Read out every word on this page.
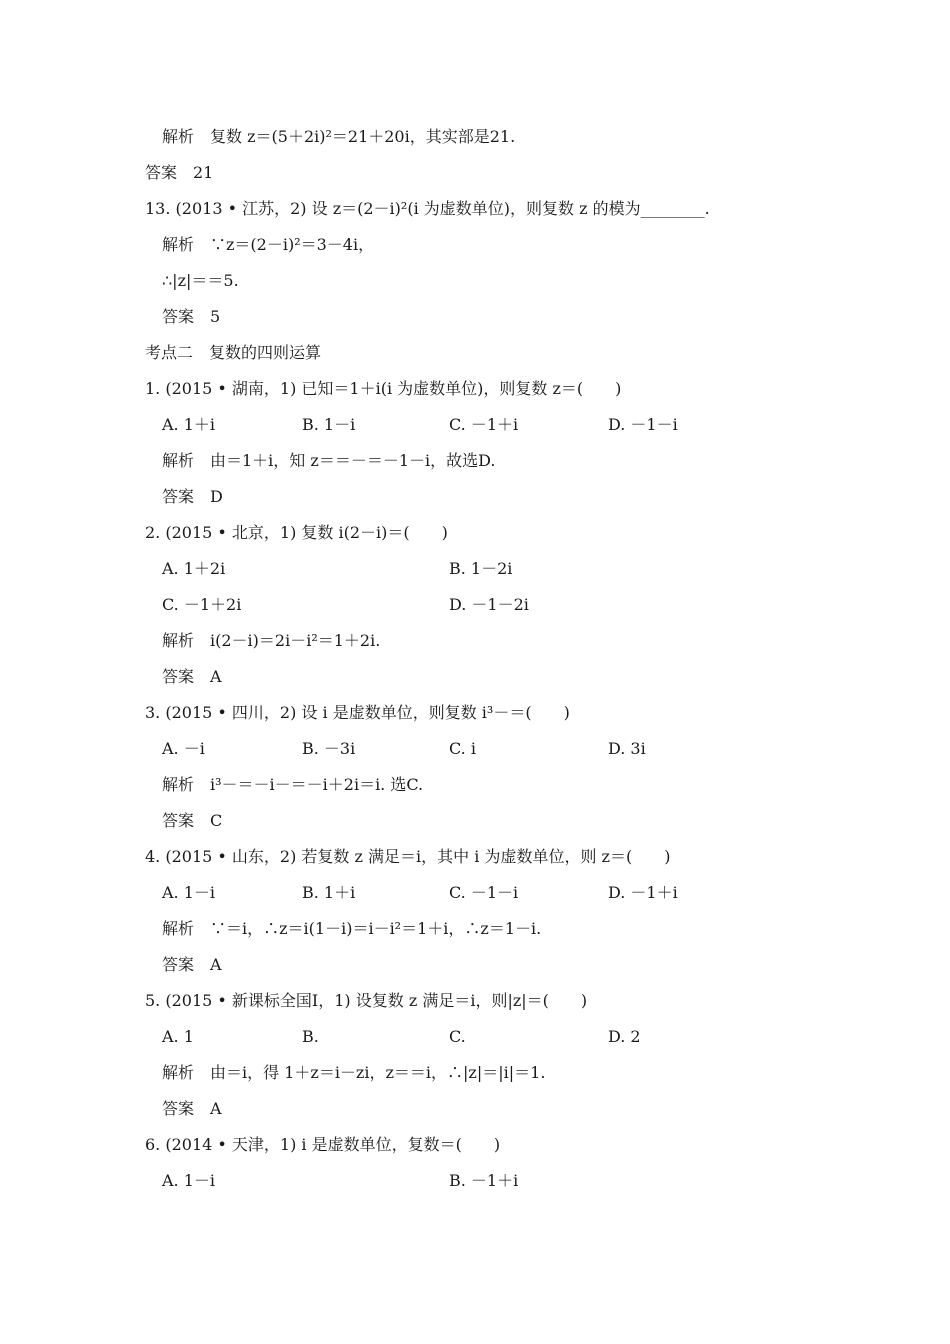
解析　复数 z＝(5＋2i)²＝21＋20i，其实部是21.
答案　21
13. (2013 • 江苏，2) 设 z＝(2－i)²(i 为虚数单位)，则复数 z 的模为________.
解析　∵z＝(2－i)²＝3－4i，
∴|z|＝＝5.
答案　5
考点二　复数的四则运算
1. (2015 • 湖南，1) 已知＝1＋i(i 为虚数单位)，则复数 z＝(　　)
A. 1＋i	B. 1－i	C. －1＋i	D. －1－i
解析　由＝1＋i，知 z＝＝－＝－1－i，故选D.
答案　D
2. (2015 • 北京，1) 复数 i(2－i)＝(　　)
A. 1＋2i	B. 1－2i
C. －1＋2i	D. －1－2i
解析　i(2－i)＝2i－i²＝1＋2i.
答案　A
3. (2015 • 四川，2) 设 i 是虚数单位，则复数 i³－＝(　　)
A. －i	B. －3i	C. i	D. 3i
解析　i³－＝－i－＝－i＋2i＝i. 选C.
答案　C
4. (2015 • 山东，2) 若复数 z 满足＝i，其中 i 为虚数单位，则 z＝(　　)
A. 1－i	B. 1＋i	C. －1－i	D. －1＋i
解析　∵＝i，∴z＝i(1－i)＝i－i²＝1＋i，∴z＝1－i.
答案　A
5. (2015 • 新课标全国Ⅰ，1) 设复数 z 满足＝i，则|z|＝(　　)
A. 1	B.	C.	D. 2
解析　由＝i，得 1＋z＝i－zi，z＝＝i，∴|z|＝|i|＝1.
答案　A
6. (2014 • 天津，1) i 是虚数单位，复数＝(　　)
A. 1－i	B. －1＋i
